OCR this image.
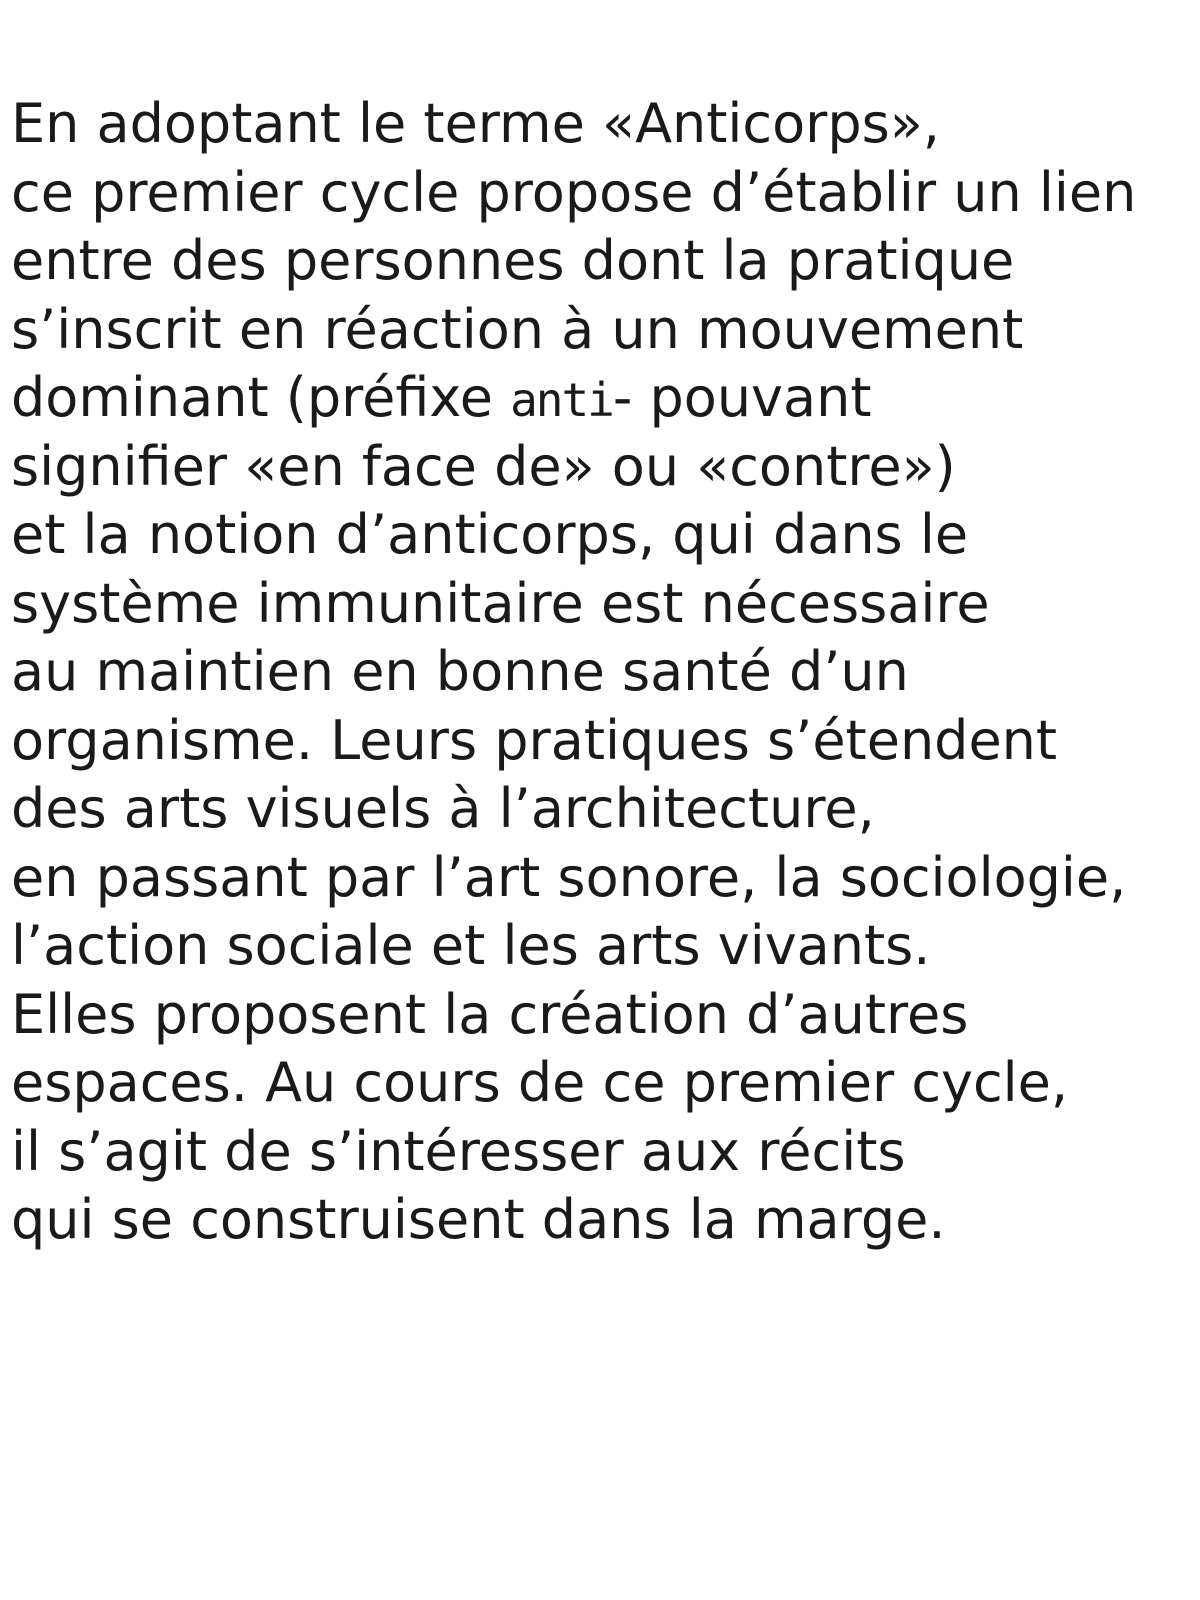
En adoptant le terme «Anticorps»,
ce premier cycle propose d’établir un lien
entre des personnes dont la pratique
s’inscrit en réaction à un mouvement
dominant (préfixe anti- pouvant
signifier «en face de» ou «contre»)
et la notion d’anticorps, qui dans le
système immunitaire est nécessaire
au maintien en bonne santé d’un
organisme. Leurs pratiques s’étendent
des arts visuels à l’architecture,
en passant par l’art sonore, la sociologie,
l’action sociale et les arts vivants.
Elles proposent la création d’autres
espaces. Au cours de ce premier cycle,
il s’agit de s’intéresser aux récits
qui se construisent dans la marge.
